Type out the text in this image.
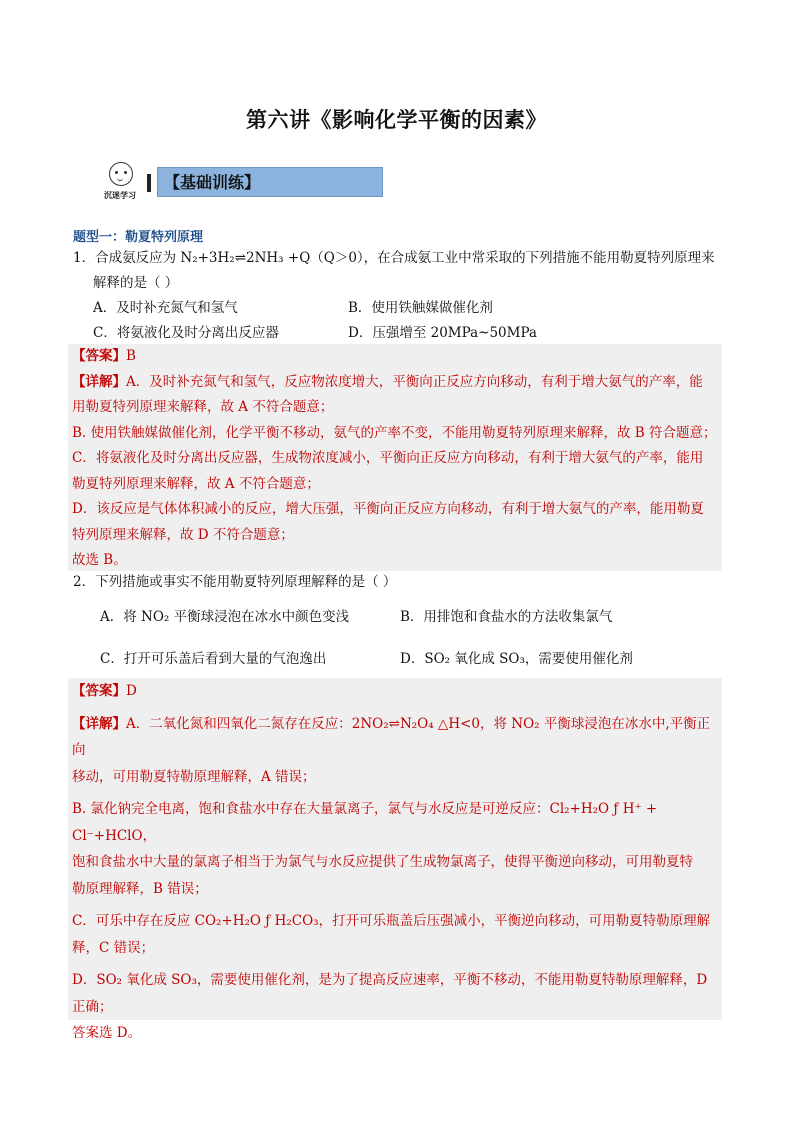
第六讲《影响化学平衡的因素》
沉迷学习
【基础训练】
题型一：勒夏特列原理
1．合成氨反应为 N₂+3H₂⇌2NH₃ +Q（Q＞0），在合成氨工业中常采取的下列措施不能用勒夏特列原理来
解释的是（ ）
A．及时补充氮气和氢气	B．使用铁触媒做催化剂
C．将氨液化及时分离出反应器	D．压强增至 20MPa~50MPa
【答案】B
【详解】A．及时补充氮气和氢气，反应物浓度增大，平衡向正反应方向移动，有利于增大氨气的产率，能
用勒夏特列原理来解释，故 A 不符合题意；
B. 使用铁触媒做催化剂，化学平衡不移动，氨气的产率不变，不能用勒夏特列原理来解释，故 B 符合题意；
C．将氨液化及时分离出反应器，生成物浓度减小，平衡向正反应方向移动，有利于增大氨气的产率，能用
勒夏特列原理来解释，故 A 不符合题意；
D．该反应是气体体积减小的反应，增大压强，平衡向正反应方向移动，有利于增大氨气的产率，能用勒夏
特列原理来解释，故 D 不符合题意；
故选 B。
2．下列措施或事实不能用勒夏特列原理解释的是（ ）
A．将 NO₂ 平衡球浸泡在冰水中颜色变浅	B．用排饱和食盐水的方法收集氯气
C．打开可乐盖后看到大量的气泡逸出	D．SO₂ 氧化成 SO₃，需要使用催化剂
【答案】D
【详解】A．二氧化氮和四氧化二氮存在反应：2NO₂⇌N₂O₄ △H<0，将 NO₂ 平衡球浸泡在冰水中,平衡正向
移动，可用勒夏特勒原理解释，A 错误；
B. 氯化钠完全电离，饱和食盐水中存在大量氯离子，氯气与水反应是可逆反应：Cl₂+H₂O ƒ H⁺ + Cl⁻+HClO，
饱和食盐水中大量的氯离子相当于为氯气与水反应提供了生成物氯离子，使得平衡逆向移动，可用勒夏特
勒原理解释，B 错误；
C．可乐中存在反应 CO₂+H₂O ƒ H₂CO₃，打开可乐瓶盖后压强减小，平衡逆向移动，可用勒夏特勒原理解
释，C 错误；
D．SO₂ 氧化成 SO₃，需要使用催化剂，是为了提高反应速率，平衡不移动，不能用勒夏特勒原理解释，D
正确；
答案选 D。
